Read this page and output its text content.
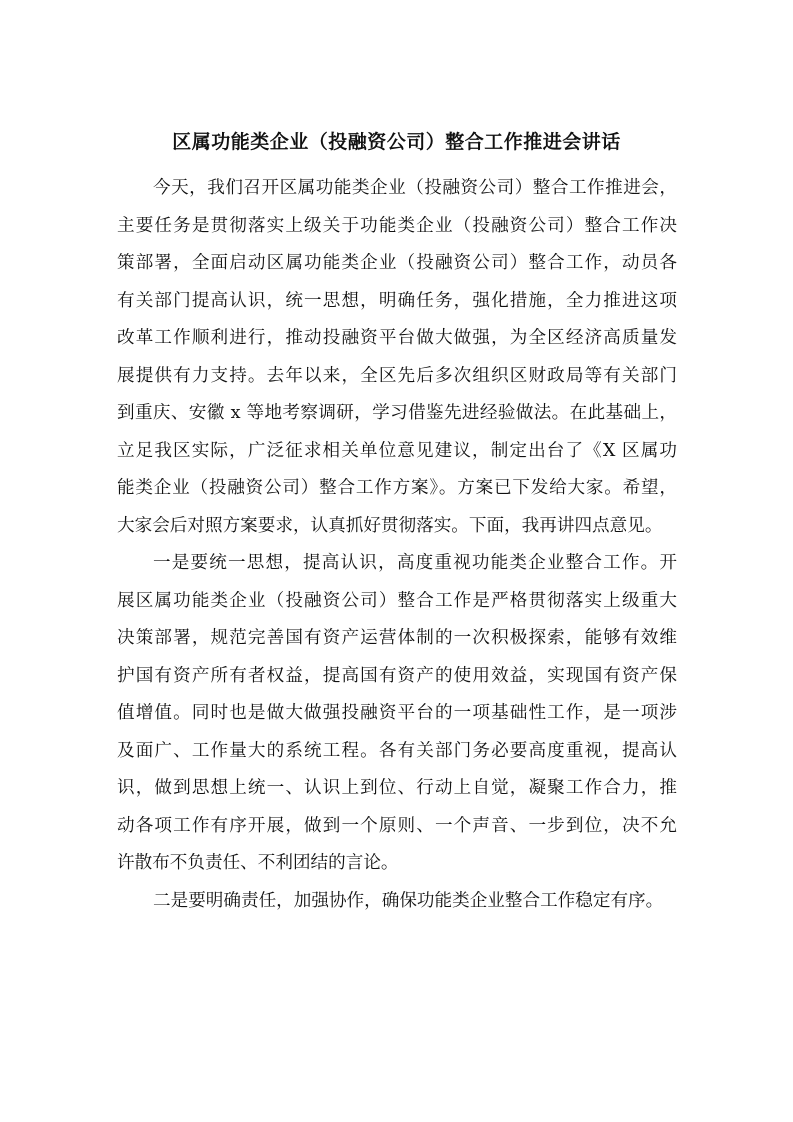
区属功能类企业（投融资公司）整合工作推进会讲话
今天，我们召开区属功能类企业（投融资公司）整合工作推进会，
主要任务是贯彻落实上级关于功能类企业（投融资公司）整合工作决
策部署，全面启动区属功能类企业（投融资公司）整合工作，动员各
有关部门提高认识，统一思想，明确任务，强化措施，全力推进这项
改革工作顺利进行，推动投融资平台做大做强，为全区经济高质量发
展提供有力支持。去年以来，全区先后多次组织区财政局等有关部门
到重庆、安徽 x 等地考察调研，学习借鉴先进经验做法。在此基础上，
立足我区实际，广泛征求相关单位意见建议，制定出台了《X 区属功
能类企业（投融资公司）整合工作方案》。方案已下发给大家。希望，
大家会后对照方案要求，认真抓好贯彻落实。下面，我再讲四点意见。
一是要统一思想，提高认识，高度重视功能类企业整合工作。开
展区属功能类企业（投融资公司）整合工作是严格贯彻落实上级重大
决策部署，规范完善国有资产运营体制的一次积极探索，能够有效维
护国有资产所有者权益，提高国有资产的使用效益，实现国有资产保
值增值。同时也是做大做强投融资平台的一项基础性工作，是一项涉
及面广、工作量大的系统工程。各有关部门务必要高度重视，提高认
识，做到思想上统一、认识上到位、行动上自觉，凝聚工作合力，推
动各项工作有序开展，做到一个原则、一个声音、一步到位，决不允
许散布不负责任、不利团结的言论。
二是要明确责任，加强协作，确保功能类企业整合工作稳定有序。
